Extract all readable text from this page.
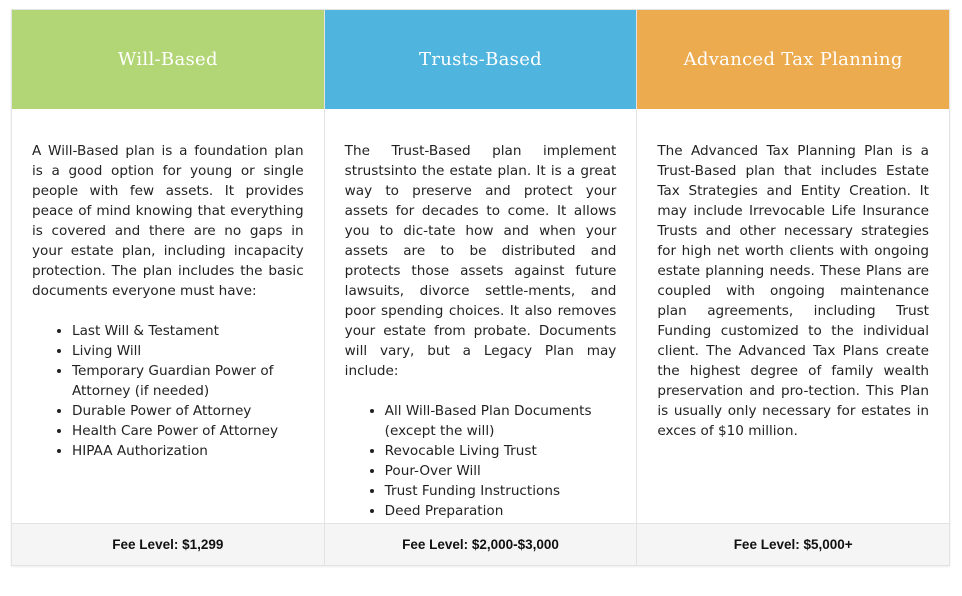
Will-Based

A Will-Based plan is a foundation plan is a good option for young or single people with few assets. It provides peace of mind knowing that everything is covered and there are no gaps in your estate plan, including incapacity protection. The plan includes the basic documents everyone must have:

• Last Will & Testament
• Living Will
• Temporary Guardian Power of Attorney (if needed)
• Durable Power of Attorney
• Health Care Power of Attorney
• HIPAA Authorization
Fee Level: $1,299
Trusts-Based

The Trust-Based plan implement strustsinto the estate plan. It is a great way to preserve and protect your assets for decades to come. It allows you to dic-tate how and when your assets are to be distributed and protects those assets against future lawsuits, divorce settle-ments, and poor spending choices. It also removes your estate from probate. Documents will vary, but a Legacy Plan may include:

• All Will-Based Plan Documents (except the will)
• Revocable Living Trust
• Pour-Over Will
• Trust Funding Instructions
• Deed Preparation
Fee Level: $2,000-$3,000
Advanced Tax Planning

The Advanced Tax Planning Plan is a Trust-Based plan that includes Estate Tax Strategies and Entity Creation. It may include Irrevocable Life Insurance Trusts and other necessary strategies for high net worth clients with ongoing estate planning needs. These Plans are coupled with ongoing maintenance plan agreements, including Trust Funding customized to the individual client. The Advanced Tax Plans create the highest degree of family wealth preservation and pro-tection. This Plan is usually only necessary for estates in exces of $10 million.

Fee Level: $5,000+
